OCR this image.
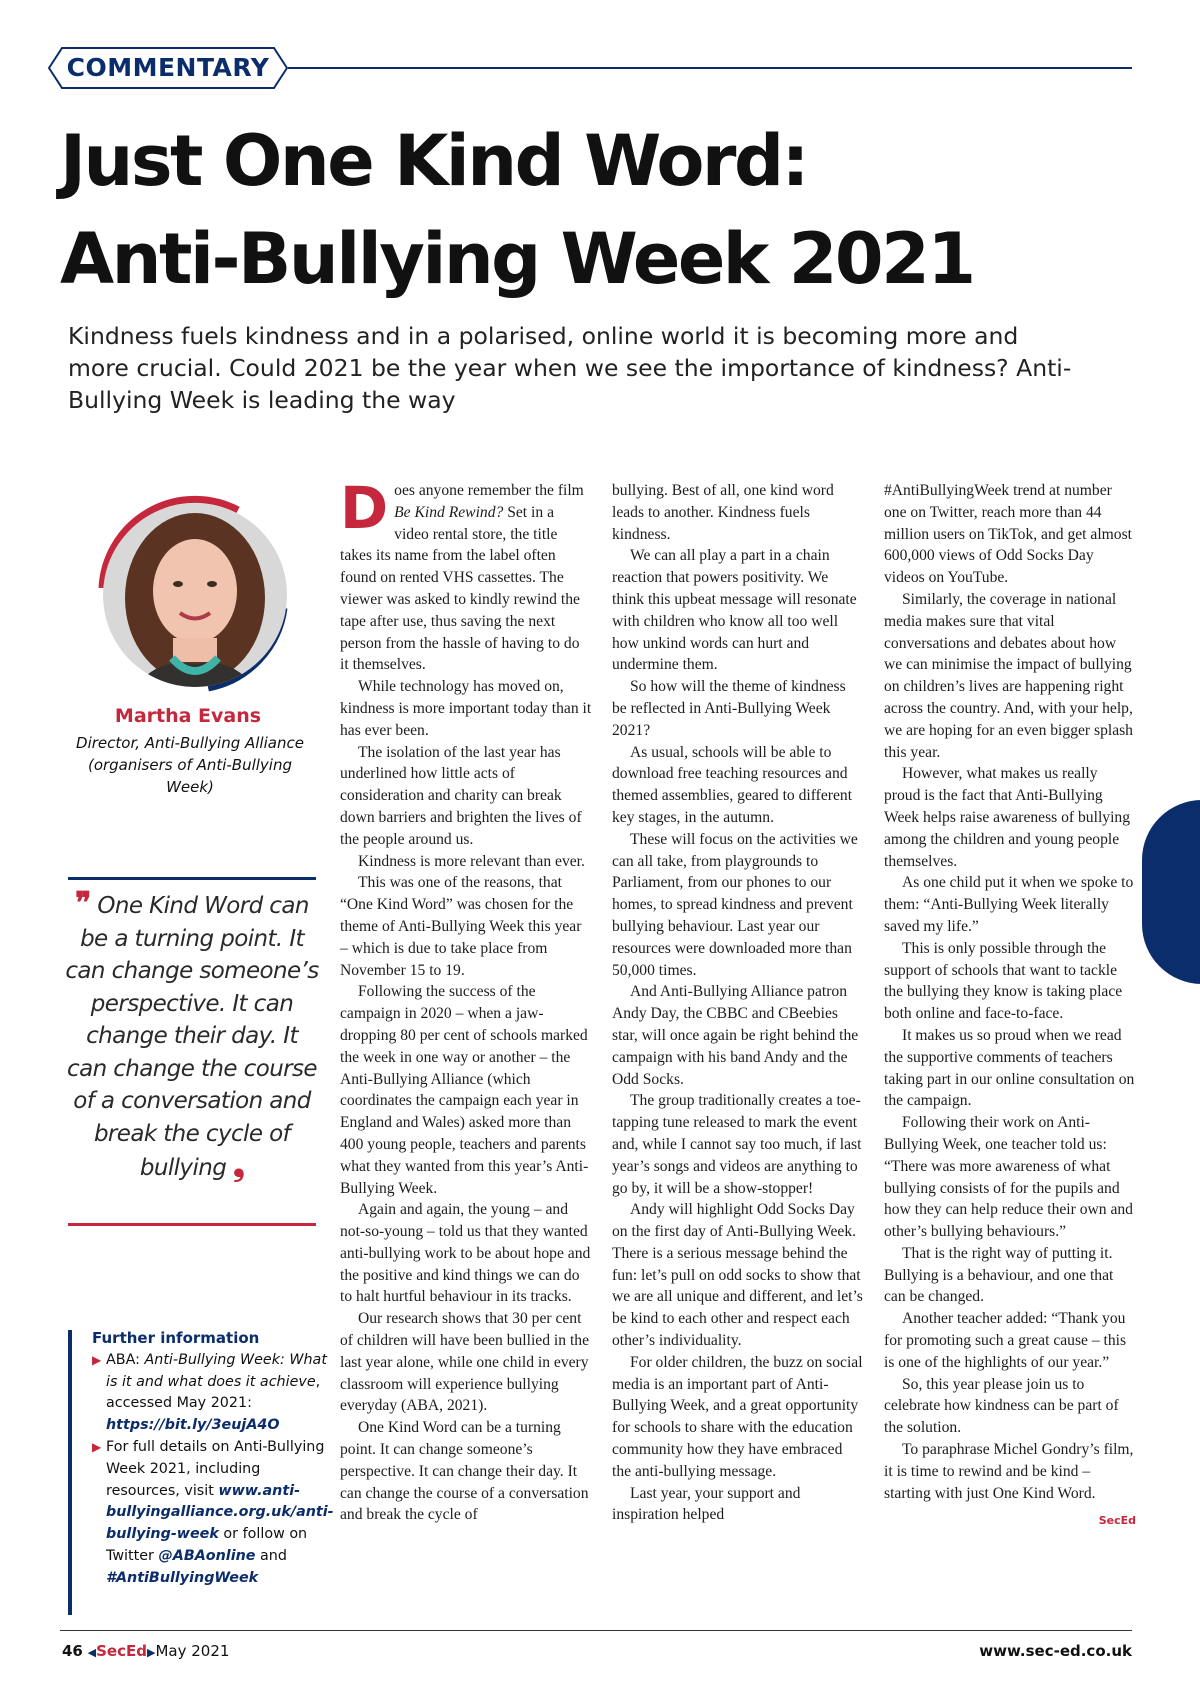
COMMENTARY
Just One Kind Word:
Anti-Bullying Week 2021

Kindness fuels kindness and in a polarised, online world it is becoming more and more crucial. Could 2021 be the year when we see the importance of kindness? Anti-Bullying Week is leading the way

Martha Evans
Director, Anti-Bullying Alliance (organisers of Anti-Bullying Week)
❞ One Kind Word can be a turning point. It can change someone’s perspective. It can change their day. It can change the course of a conversation and break the cycle of bullying ❟
Further information
▶ ABA: Anti-Bullying Week: What is it and what does it achieve, accessed May 2021: https://bit.ly/3eujA4O
▶ For full details on Anti-Bullying Week 2021, including resources, visit www.anti-bullyingalliance.org.uk/anti-bullying-week or follow on Twitter @ABAonline and #AntiBullyingWeek

Does anyone remember the film Be Kind Rewind? Set in a video rental store, the title takes its name from the label often found on rented VHS cassettes. The viewer was asked to kindly rewind the tape after use, thus saving the next person from the hassle of having to do it themselves.

While technology has moved on, kindness is more important today than it has ever been.

The isolation of the last year has underlined how little acts of consideration and charity can break down barriers and brighten the lives of the people around us.

Kindness is more relevant than ever.

This was one of the reasons, that “One Kind Word” was chosen for the theme of Anti-Bullying Week this year – which is due to take place from November 15 to 19.

Following the success of the campaign in 2020 – when a jaw-dropping 80 per cent of schools marked the week in one way or another – the Anti-Bullying Alliance (which coordinates the campaign each year in England and Wales) asked more than 400 young people, teachers and parents what they wanted from this year’s Anti-Bullying Week.

Again and again, the young – and not-so-young – told us that they wanted anti-bullying work to be about hope and the positive and kind things we can do to halt hurtful behaviour in its tracks.

Our research shows that 30 per cent of children will have been bullied in the last year alone, while one child in every classroom will experience bullying everyday (ABA, 2021).

One Kind Word can be a turning point. It can change someone’s perspective. It can change their day. It can change the course of a conversation and break the cycle of

bullying. Best of all, one kind word leads to another. Kindness fuels kindness.

We can all play a part in a chain reaction that powers positivity. We think this upbeat message will resonate with children who know all too well how unkind words can hurt and undermine them.

So how will the theme of kindness be reflected in Anti-Bullying Week 2021?

As usual, schools will be able to download free teaching resources and themed assemblies, geared to different key stages, in the autumn.

These will focus on the activities we can all take, from playgrounds to Parliament, from our phones to our homes, to spread kindness and prevent bullying behaviour. Last year our resources were downloaded more than 50,000 times.

And Anti-Bullying Alliance patron Andy Day, the CBBC and CBeebies star, will once again be right behind the campaign with his band Andy and the Odd Socks.

The group traditionally creates a toe-tapping tune released to mark the event and, while I cannot say too much, if last year’s songs and videos are anything to go by, it will be a show-stopper!

Andy will highlight Odd Socks Day on the first day of Anti-Bullying Week. There is a serious message behind the fun: let’s pull on odd socks to show that we are all unique and different, and let’s be kind to each other and respect each other’s individuality.

For older children, the buzz on social media is an important part of Anti-Bullying Week, and a great opportunity for schools to share with the education community how they have embraced the anti-bullying message.

Last year, your support and inspiration helped

#AntiBullyingWeek trend at number one on Twitter, reach more than 44 million users on TikTok, and get almost 600,000 views of Odd Socks Day videos on YouTube.

Similarly, the coverage in national media makes sure that vital conversations and debates about how we can minimise the impact of bullying on children’s lives are happening right across the country. And, with your help, we are hoping for an even bigger splash this year.

However, what makes us really proud is the fact that Anti-Bullying Week helps raise awareness of bullying among the children and young people themselves.

As one child put it when we spoke to them: “Anti-Bullying Week literally saved my life.”

This is only possible through the support of schools that want to tackle the bullying they know is taking place both online and face-to-face.

It makes us so proud when we read the supportive comments of teachers taking part in our online consultation on the campaign.

Following their work on Anti-Bullying Week, one teacher told us: “There was more awareness of what bullying consists of for the pupils and how they can help reduce their own and other’s bullying behaviours.”

That is the right way of putting it. Bullying is a behaviour, and one that can be changed.

Another teacher added: “Thank you for promoting such a great cause – this is one of the highlights of our year.”

So, this year please join us to celebrate how kindness can be part of the solution.

To paraphrase Michel Gondry’s film, it is time to rewind and be kind – starting with just One Kind Word.
SecEd

46 ◀SecEd▶May 2021	www.sec-ed.co.uk
